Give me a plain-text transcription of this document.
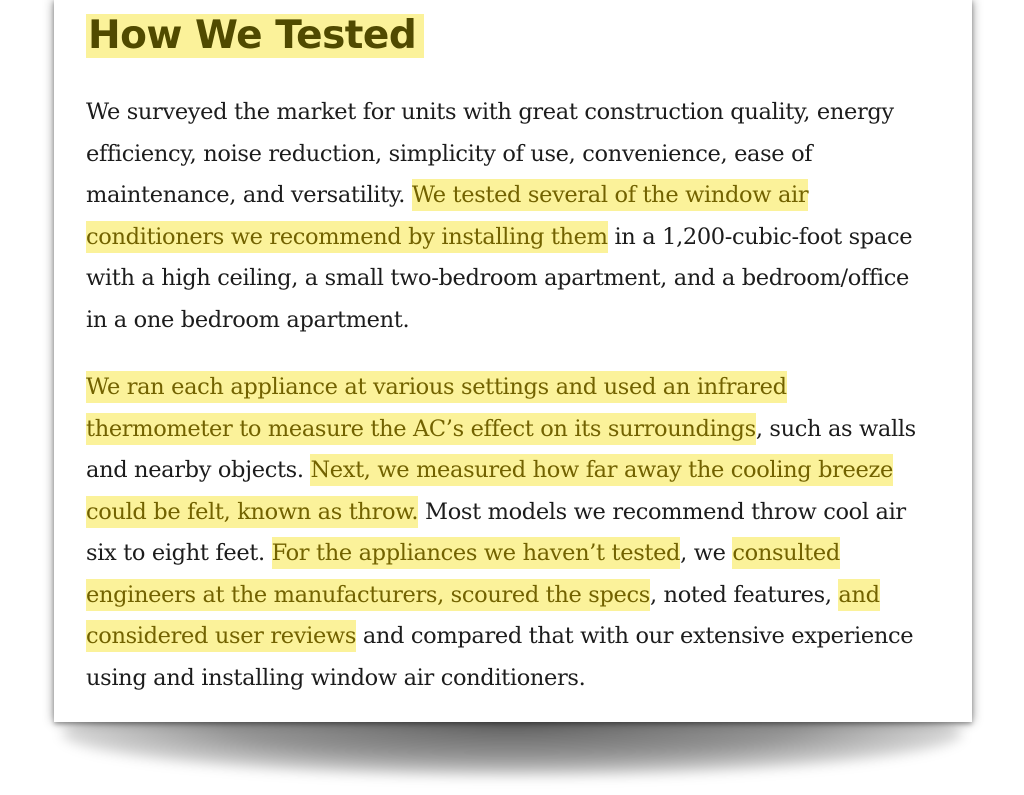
How We Tested

We surveyed the market for units with great construction quality, energy efficiency, noise reduction, simplicity of use, convenience, ease of maintenance, and versatility. We tested several of the window air conditioners we recommend by installing them in a 1,200-cubic-foot space with a high ceiling, a small two-bedroom apartment, and a bedroom/office in a one bedroom apartment.

We ran each appliance at various settings and used an infrared thermometer to measure the AC’s effect on its surroundings, such as walls and nearby objects. Next, we measured how far away the cooling breeze could be felt, known as throw. Most models we recommend throw cool air six to eight feet. For the appliances we haven’t tested, we consulted engineers at the manufacturers, scoured the specs, noted features, and considered user reviews and compared that with our extensive experience using and installing window air conditioners.
